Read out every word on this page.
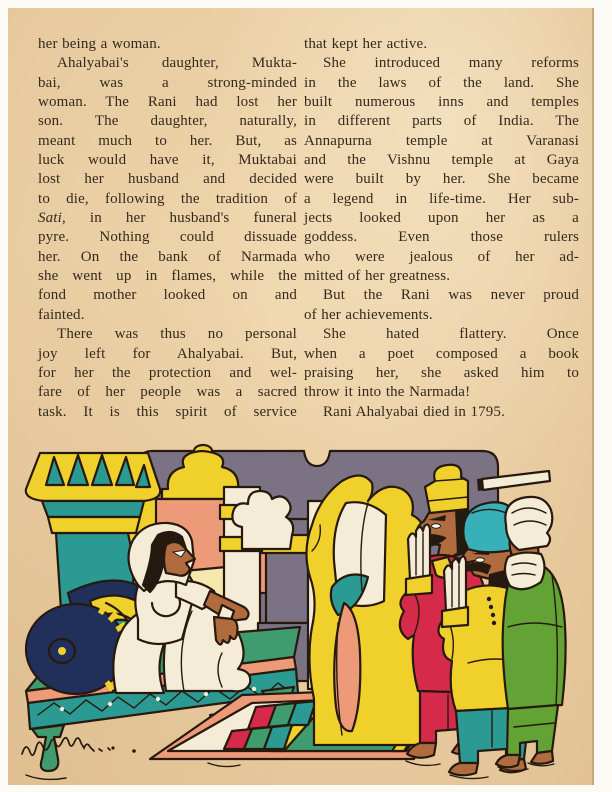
her being a woman.
Ahalyabai's daughter, Mukta-
bai, was a strong-minded
woman. The Rani had lost her
son. The daughter, naturally,
meant much to her. But, as
luck would have it, Muktabai
lost her husband and decided
to die, following the tradition of
Sati, in her husband's funeral
pyre. Nothing could dissuade
her. On the bank of Narmada
she went up in flames, while the
fond mother looked on and
fainted.
There was thus no personal
joy left for Ahalyabai. But,
for her the protection and wel-
fare of her people was a sacred
task. It is this spirit of service
that kept her active.
She introduced many reforms
in the laws of the land. She
built numerous inns and temples
in different parts of India. The
Annapurna temple at Varanasi
and the Vishnu temple at Gaya
were built by her. She became
a legend in life-time. Her sub-
jects looked upon her as a
goddess. Even those rulers
who were jealous of her ad-
mitted of her greatness.
But the Rani was never proud
of her achievements.
She hated flattery. Once
when a poet composed a book
praising her, she asked him to
throw it into the Narmada!
Rani Ahalyabai died in 1795.
